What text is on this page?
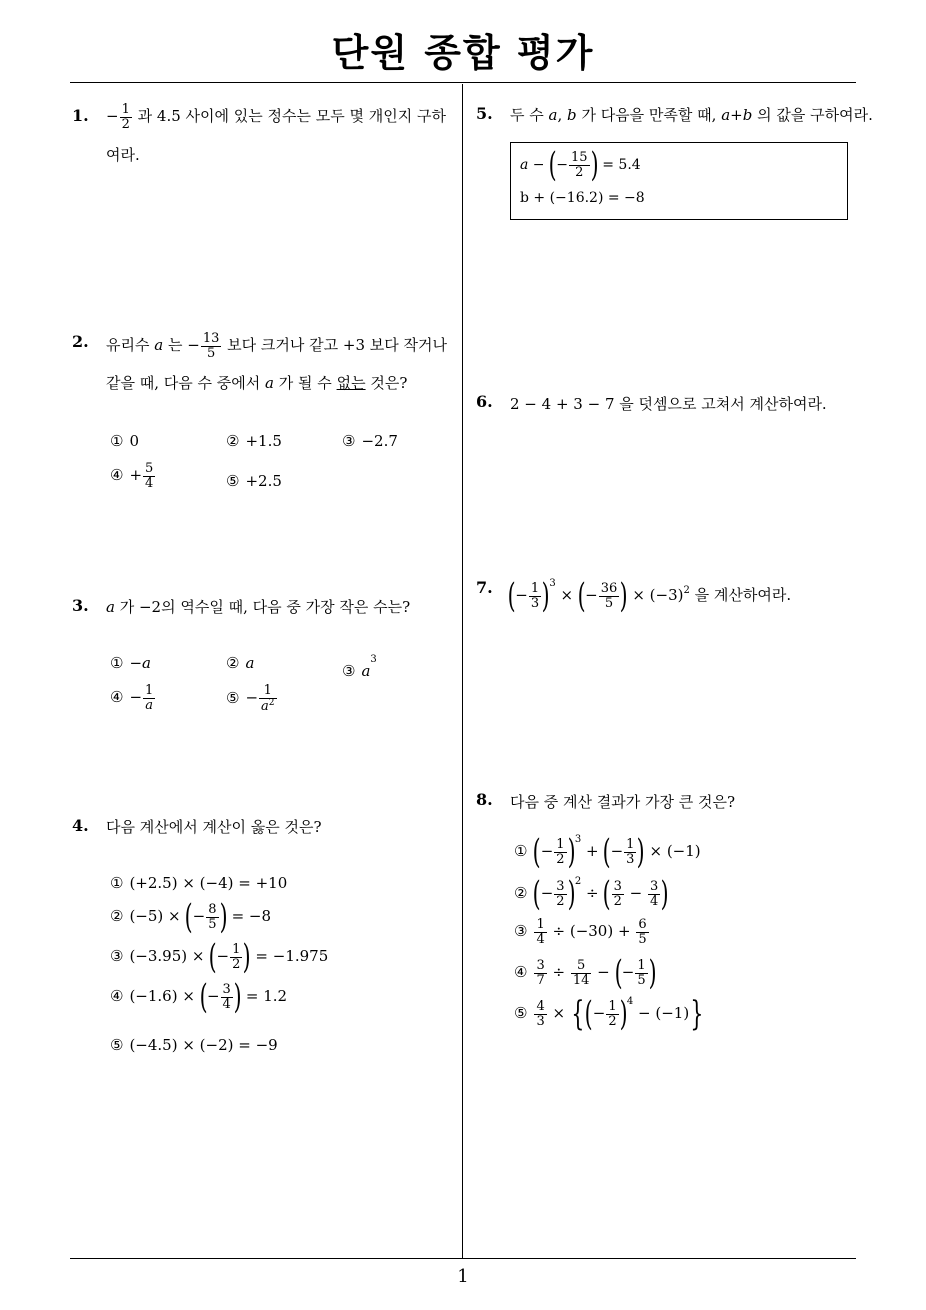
단원 종합 평가
1
1. − $\frac{1}{2}$ 과 4.5 사이에 있는 정수는 모두 몇 개인지 구하
여라.
2. 유리수 a 는 − $\frac{13}{5}$ 보다 크거나 같고 +3 보다 작거나
같을 때, 다음 수 중에서 a 가 될 수 없는 것은?
① 0	② +1.5	③ −2.7
④ + $\frac{5}{4}$	⑤ +2.5
3. a 가 −2의 역수일 때, 다음 중 가장 작은 수는?
① −a	② a	③ $a^3$
④ − $\frac{1}{a}$	⑤ − $\frac{1}{a^2}$
4. 다음 계산에서 계산이 옳은 것은?
① (+2.5) × (−4) = +10
② (−5) × (− $\frac{8}{5}$ ) = −8
③ (−3.95) × (− $\frac{1}{2}$ ) = −1.975
④ (−1.6) × (− $\frac{3}{4}$ ) = 1.2
⑤ (−4.5) × (−2) = −9
5. 두 수 a, b 가 다음을 만족할 때, a+b 의 값을 구하여라.
a − (− $\frac{15}{2}$ ) = 5.4
b + (−16.2) = −8
6. 2 − 4 + 3 − 7 을 덧셈으로 고쳐서 계산하여라.
7. (− $\frac{1}{3} )^3$ × (− $\frac{36}{5}$ ) × $(-3)^2$ 을 계산하여라.
8. 다음 중 계산 결과가 가장 큰 것은?
① (− $\frac{1}{2} )^3$ + (− $\frac{1}{3}$ ) × (−1)
② (− $\frac{3}{2} )^2$ ÷ ( $\frac{3}{2} - \frac{3}{4}$ )
③ $\frac{1}{4} \div (-30) + \frac{6}{5}$
④ $\frac{3}{7} \div \frac{5}{14}$ − (− $\frac{1}{5}$ )
⑤ $\frac{4}{3}$ × {(− $\frac{1}{2} )^4 - (-1)$}
